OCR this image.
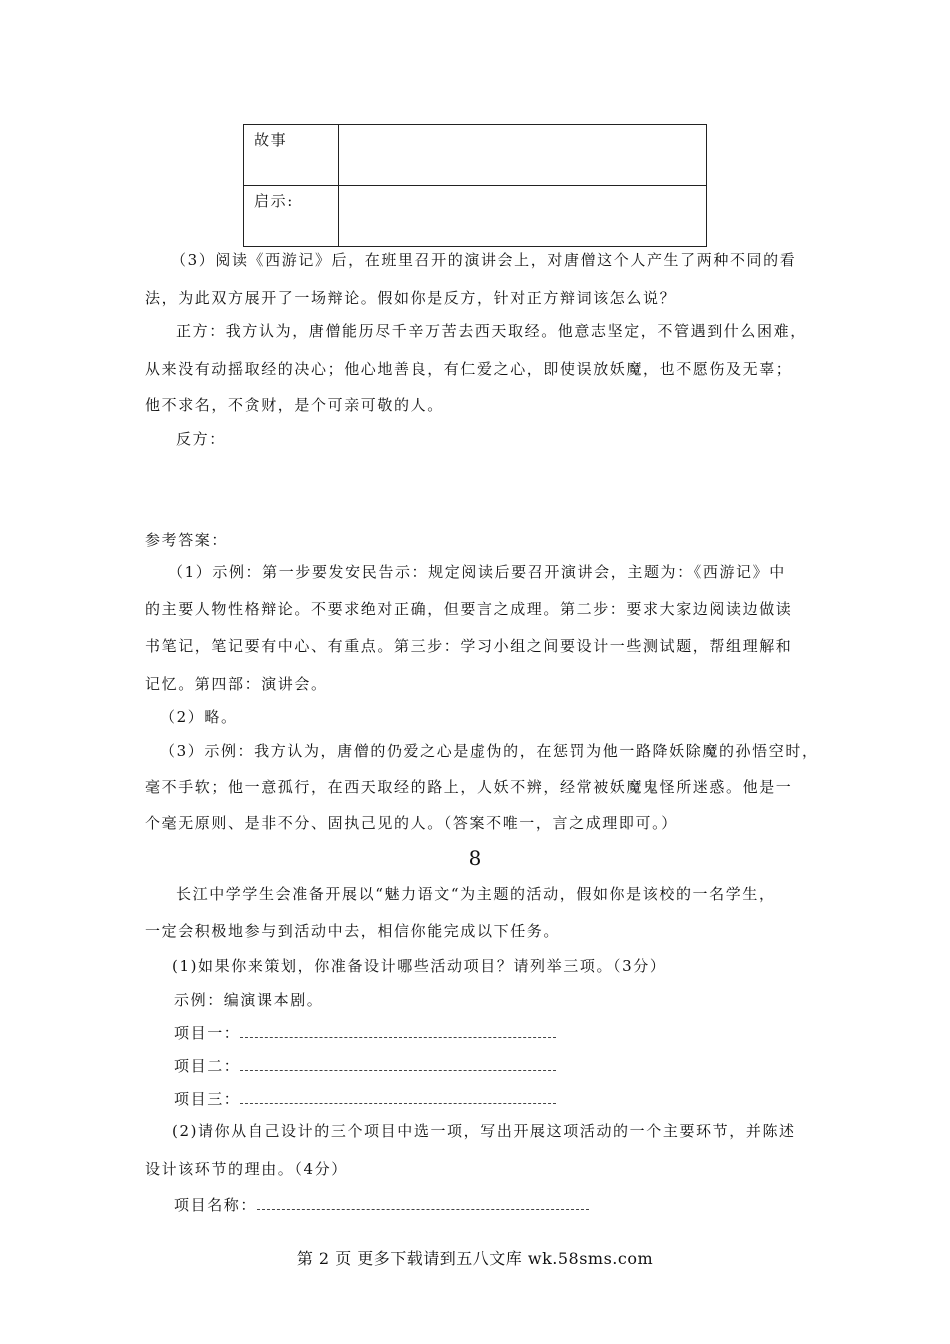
故事	
启示:	
（3）阅读《西游记》后，在班里召开的演讲会上，对唐僧这个人产生了两种不同的看
法，为此双方展开了一场辩论。假如你是反方，针对正方辩词该怎么说？
正方：我方认为，唐僧能历尽千辛万苦去西天取经。他意志坚定，不管遇到什么困难，
从来没有动摇取经的决心；他心地善良，有仁爱之心，即使误放妖魔，也不愿伤及无辜；
他不求名，不贪财，是个可亲可敬的人。
反方：
参考答案：
（1）示例：第一步要发安民告示：规定阅读后要召开演讲会，主题为：《西游记》中
的主要人物性格辩论。不要求绝对正确，但要言之成理。第二步：要求大家边阅读边做读
书笔记，笔记要有中心、有重点。第三步：学习小组之间要设计一些测试题，帮组理解和
记忆。第四部：演讲会。
（2）略。
（3）示例：我方认为，唐僧的仍爱之心是虚伪的，在惩罚为他一路降妖除魔的孙悟空时，
毫不手软；他一意孤行，在西天取经的路上，人妖不辨，经常被妖魔鬼怪所迷惑。他是一
个毫无原则、是非不分、固执己见的人。（答案不唯一，言之成理即可。）
8
长江中学学生会准备开展以“魅力语文“为主题的活动，假如你是该校的一名学生，
一定会积极地参与到活动中去，相信你能完成以下任务。
(1)如果你来策划，你准备设计哪些活动项目？请列举三项。（3分）
示例：编演课本剧。
项目一：
项目二：
项目三：
(2)请你从自己设计的三个项目中选一项，写出开展这项活动的一个主要环节，并陈述
设计该环节的理由。（4分）
项目名称：
第 2 页 更多下载请到五八文库 wk.58sms.com
